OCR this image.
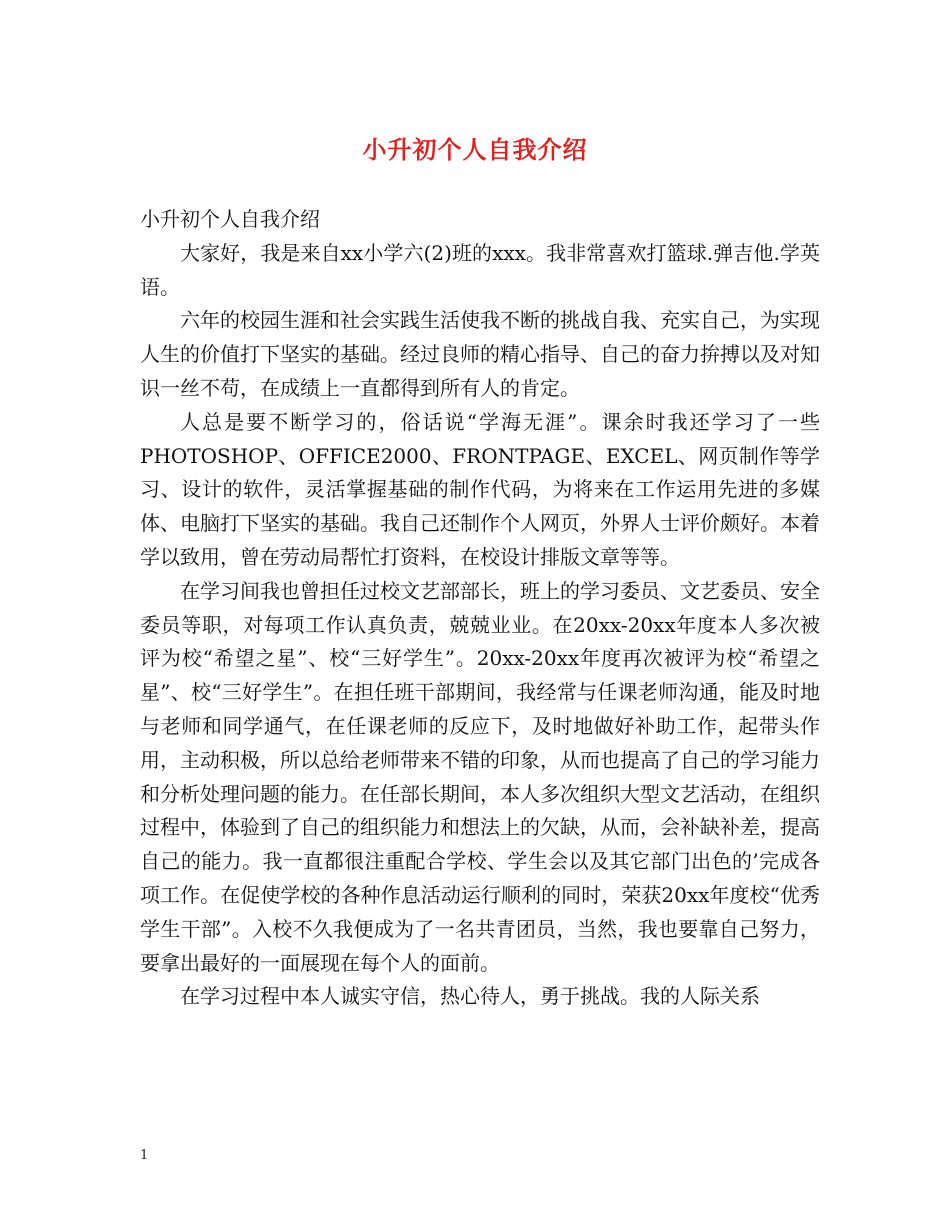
小升初个人自我介绍

小升初个人自我介绍

大家好，我是来自xx小学六(2)班的xxx。我非常喜欢打篮球.弹吉他.学英语。

六年的校园生涯和社会实践生活使我不断的挑战自我、充实自己，为实现人生的价值打下坚实的基础。经过良师的精心指导、自己的奋力拚搏以及对知识一丝不苟，在成绩上一直都得到所有人的肯定。

人总是要不断学习的，俗话说“学海无涯”。课余时我还学习了一些PHOTOSHOP、OFFICE2000、FRONTPAGE、EXCEL、网页制作等学习、设计的软件，灵活掌握基础的制作代码，为将来在工作运用先进的多媒体、电脑打下坚实的基础。我自己还制作个人网页，外界人士评价颇好。本着学以致用，曾在劳动局帮忙打资料，在校设计排版文章等等。

在学习间我也曾担任过校文艺部部长，班上的学习委员、文艺委员、安全委员等职，对每项工作认真负责，兢兢业业。在20xx-20xx年度本人多次被评为校“希望之星”、校“三好学生”。20xx-20xx年度再次被评为校“希望之星”、校“三好学生”。在担任班干部期间，我经常与任课老师沟通，能及时地与老师和同学通气，在任课老师的反应下，及时地做好补助工作，起带头作用，主动积极，所以总给老师带来不错的印象，从而也提高了自己的学习能力和分析处理问题的能力。在任部长期间，本人多次组织大型文艺活动，在组织过程中，体验到了自己的组织能力和想法上的欠缺，从而，会补缺补差，提高自己的能力。我一直都很注重配合学校、学生会以及其它部门出色的’完成各项工作。在促使学校的各种作息活动运行顺利的同时，荣获20xx年度校“优秀学生干部”。入校不久我便成为了一名共青团员，当然，我也要靠自己努力，要拿出最好的一面展现在每个人的面前。

在学习过程中本人诚实守信，热心待人，勇于挑战。我的人际关系

1
